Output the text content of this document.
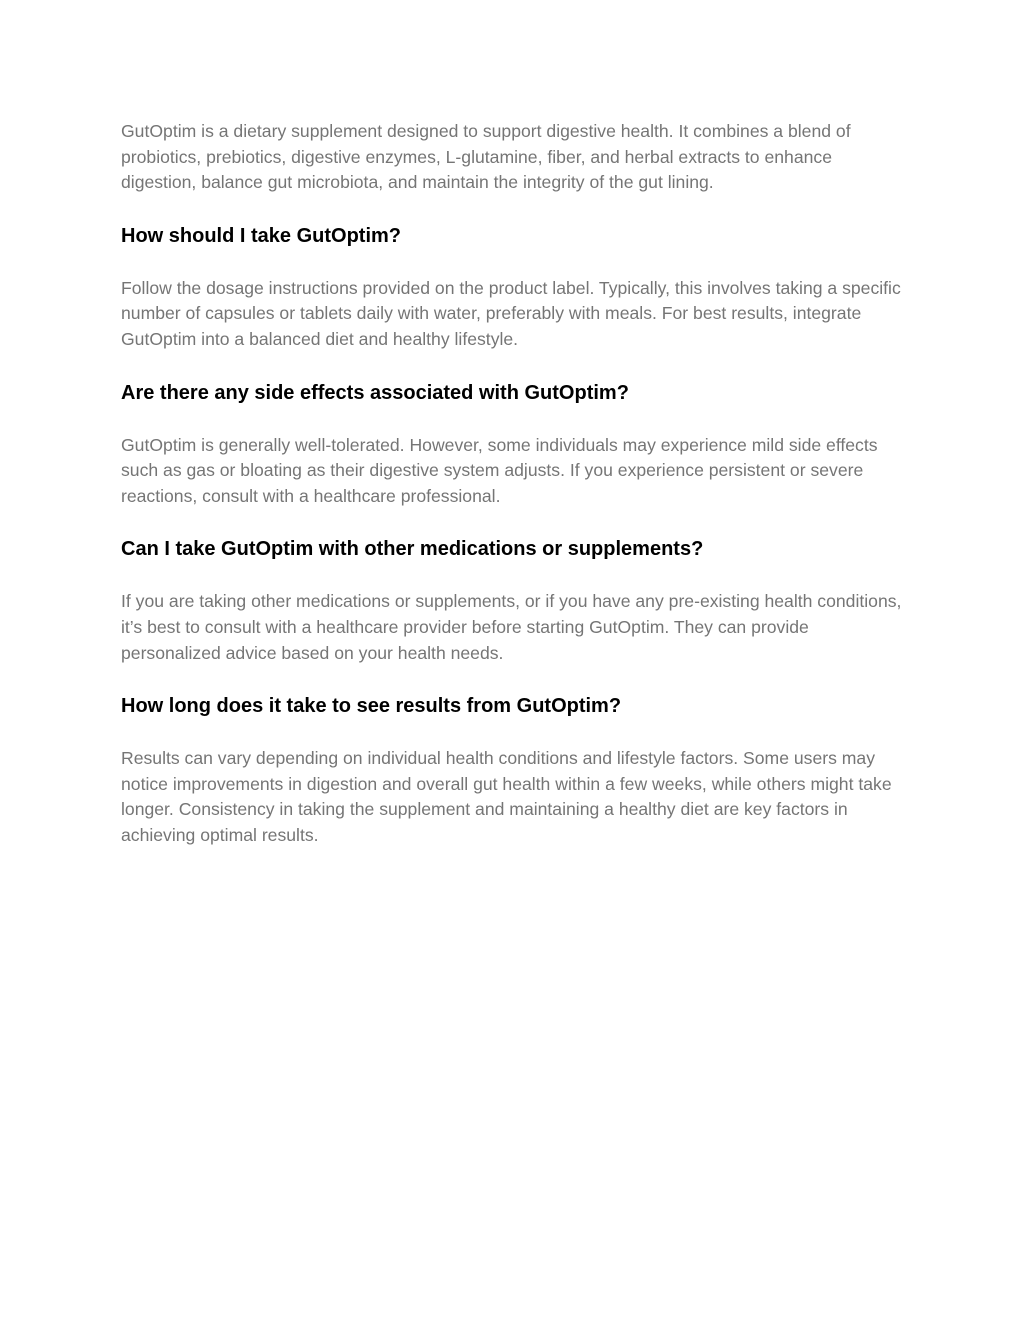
GutOptim is a dietary supplement designed to support digestive health. It combines a blend of probiotics, prebiotics, digestive enzymes, L-glutamine, fiber, and herbal extracts to enhance digestion, balance gut microbiota, and maintain the integrity of the gut lining.

How should I take GutOptim?

Follow the dosage instructions provided on the product label. Typically, this involves taking a specific number of capsules or tablets daily with water, preferably with meals. For best results, integrate GutOptim into a balanced diet and healthy lifestyle.

Are there any side effects associated with GutOptim?

GutOptim is generally well-tolerated. However, some individuals may experience mild side effects such as gas or bloating as their digestive system adjusts. If you experience persistent or severe reactions, consult with a healthcare professional.

Can I take GutOptim with other medications or supplements?

If you are taking other medications or supplements, or if you have any pre-existing health conditions, it’s best to consult with a healthcare provider before starting GutOptim. They can provide personalized advice based on your health needs.

How long does it take to see results from GutOptim?

Results can vary depending on individual health conditions and lifestyle factors. Some users may notice improvements in digestion and overall gut health within a few weeks, while others might take longer. Consistency in taking the supplement and maintaining a healthy diet are key factors in achieving optimal results.
